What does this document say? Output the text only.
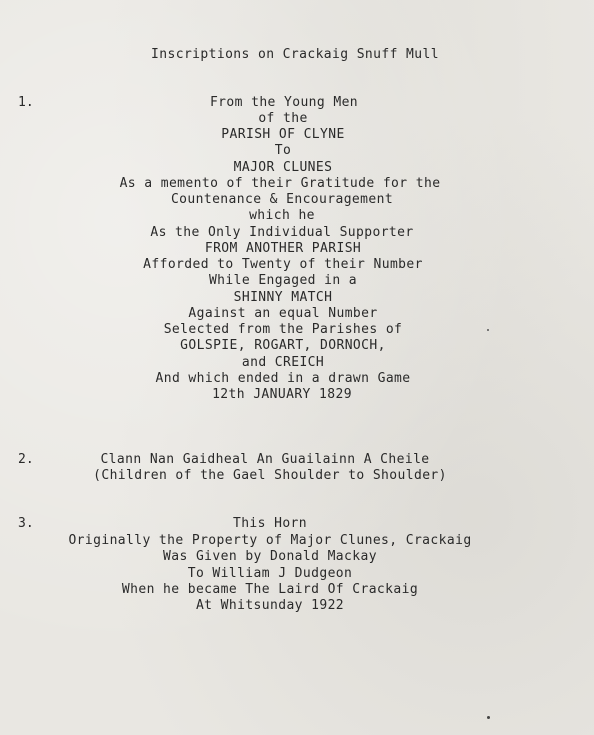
Inscriptions on Crackaig Snuff Mull
1.	From the Young Men
of the
PARISH OF CLYNE
To
MAJOR CLUNES
As a memento of their Gratitude for the
Countenance & Encouragement
which he
As the Only Individual Supporter
FROM ANOTHER PARISH
Afforded to Twenty of their Number
While Engaged in a
SHINNY MATCH
Against an equal Number
Selected from the Parishes of
GOLSPIE, ROGART, DORNOCH,
and CREICH
And which ended in a drawn Game
12th JANUARY 1829
2.	Clann Nan Gaidheal An Guailainn A Cheile
(Children of the Gael Shoulder to Shoulder)
3.	This Horn
Originally the Property of Major Clunes, Crackaig
Was Given by Donald Mackay
To William J Dudgeon
When he became The Laird Of Crackaig
At Whitsunday 1922
